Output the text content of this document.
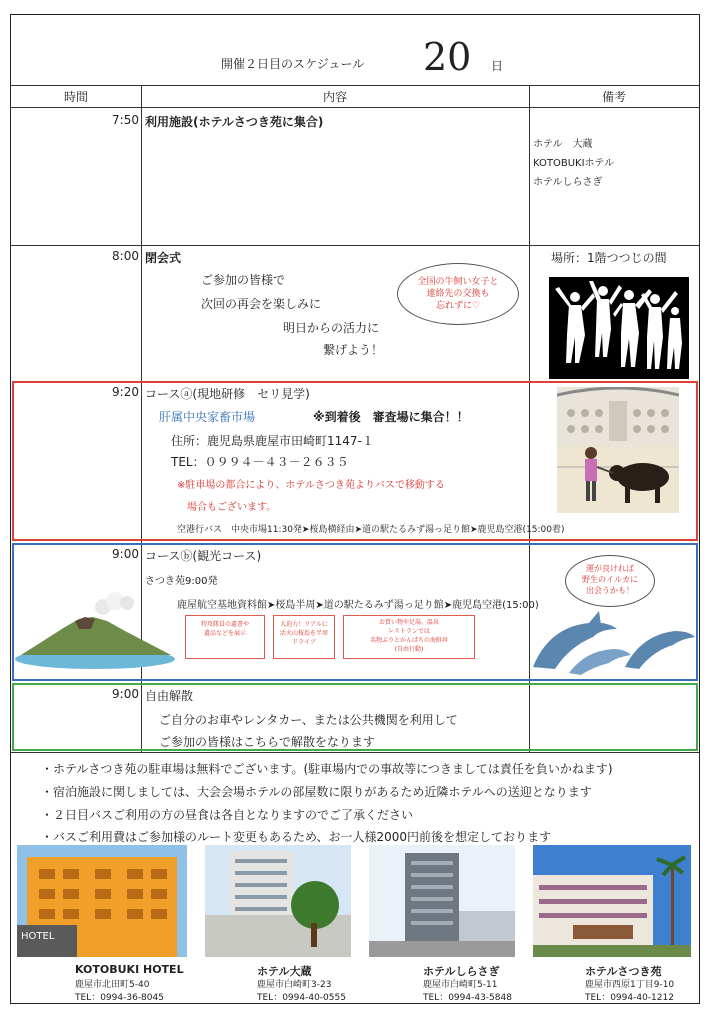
開催２日目のスケジュール 20 日
時間	内容	備考
7:50 利用施設(ホテルさつき苑に集合)
ホテル　大蔵
KOTOBUKIホテル
ホテルしらさぎ
8:00 閉会式
ご参加の皆様で
次回の再会を楽しみに
明日からの活力に
繋げよう！
全国の牛飼い女子と
連絡先の交換も
忘れずに♡
場所：1階つつじの間
9:20 コースⓐ(現地研修　セリ見学)
肝属中央家畜市場	※到着後　審査場に集合！！
住所：鹿児島県鹿屋市田崎町1147-１
TEL：０９９４－４３－２６３５
※駐車場の都合により、ホテルさつき苑よりバスで移動する
場合もございます。
空港行バス　中央市場11:30発➤桜島横経由➤道の駅たるみず湯っ足り館➤鹿児島空港(15:00着)
9:00 コースⓑ(観光コース)
さつき苑9:00発
鹿屋航空基地資料館➤桜島半周➤道の駅たるみず湯っ足り館➤鹿児島空港(15:00)
特攻隊員の遺書や
遺品などを展示
大迫力！リアルに
活火山桜島を半周
ドライブ
お買い物や足湯、温泉
レストランでは
名物ぶりとかんぱちの海鮮丼
(自由行動)
運が良ければ
野生のイルカに
出会うかも！
9:00 自由解散
ご自分のお車やレンタカー、または公共機関を利用して
ご参加の皆様はこちらで解散をなります
・ホテルさつき苑の駐車場は無料でございます。(駐車場内での事故等につきましては責任を負いかねます)
・宿泊施設に関しましては、大会会場ホテルの部屋数に限りがあるため近隣ホテルへの送迎となります
・２日目バスご利用の方の昼食は各自となりますのでご了承ください
・バスご利用費はご参加様のルート変更もあるため、お一人様2000円前後を想定しております
HOTEL
KOTOBUKI HOTEL
鹿屋市北田町5-40
TEL：0994-36-8045
ホテル大蔵
鹿屋市白崎町3-23
TEL：0994-40-0555
ホテルしらさぎ
鹿屋市白崎町5-11
TEL：0994-43-5848
ホテルさつき苑
鹿屋市西原1丁目9-10
TEL：0994-40-1212
